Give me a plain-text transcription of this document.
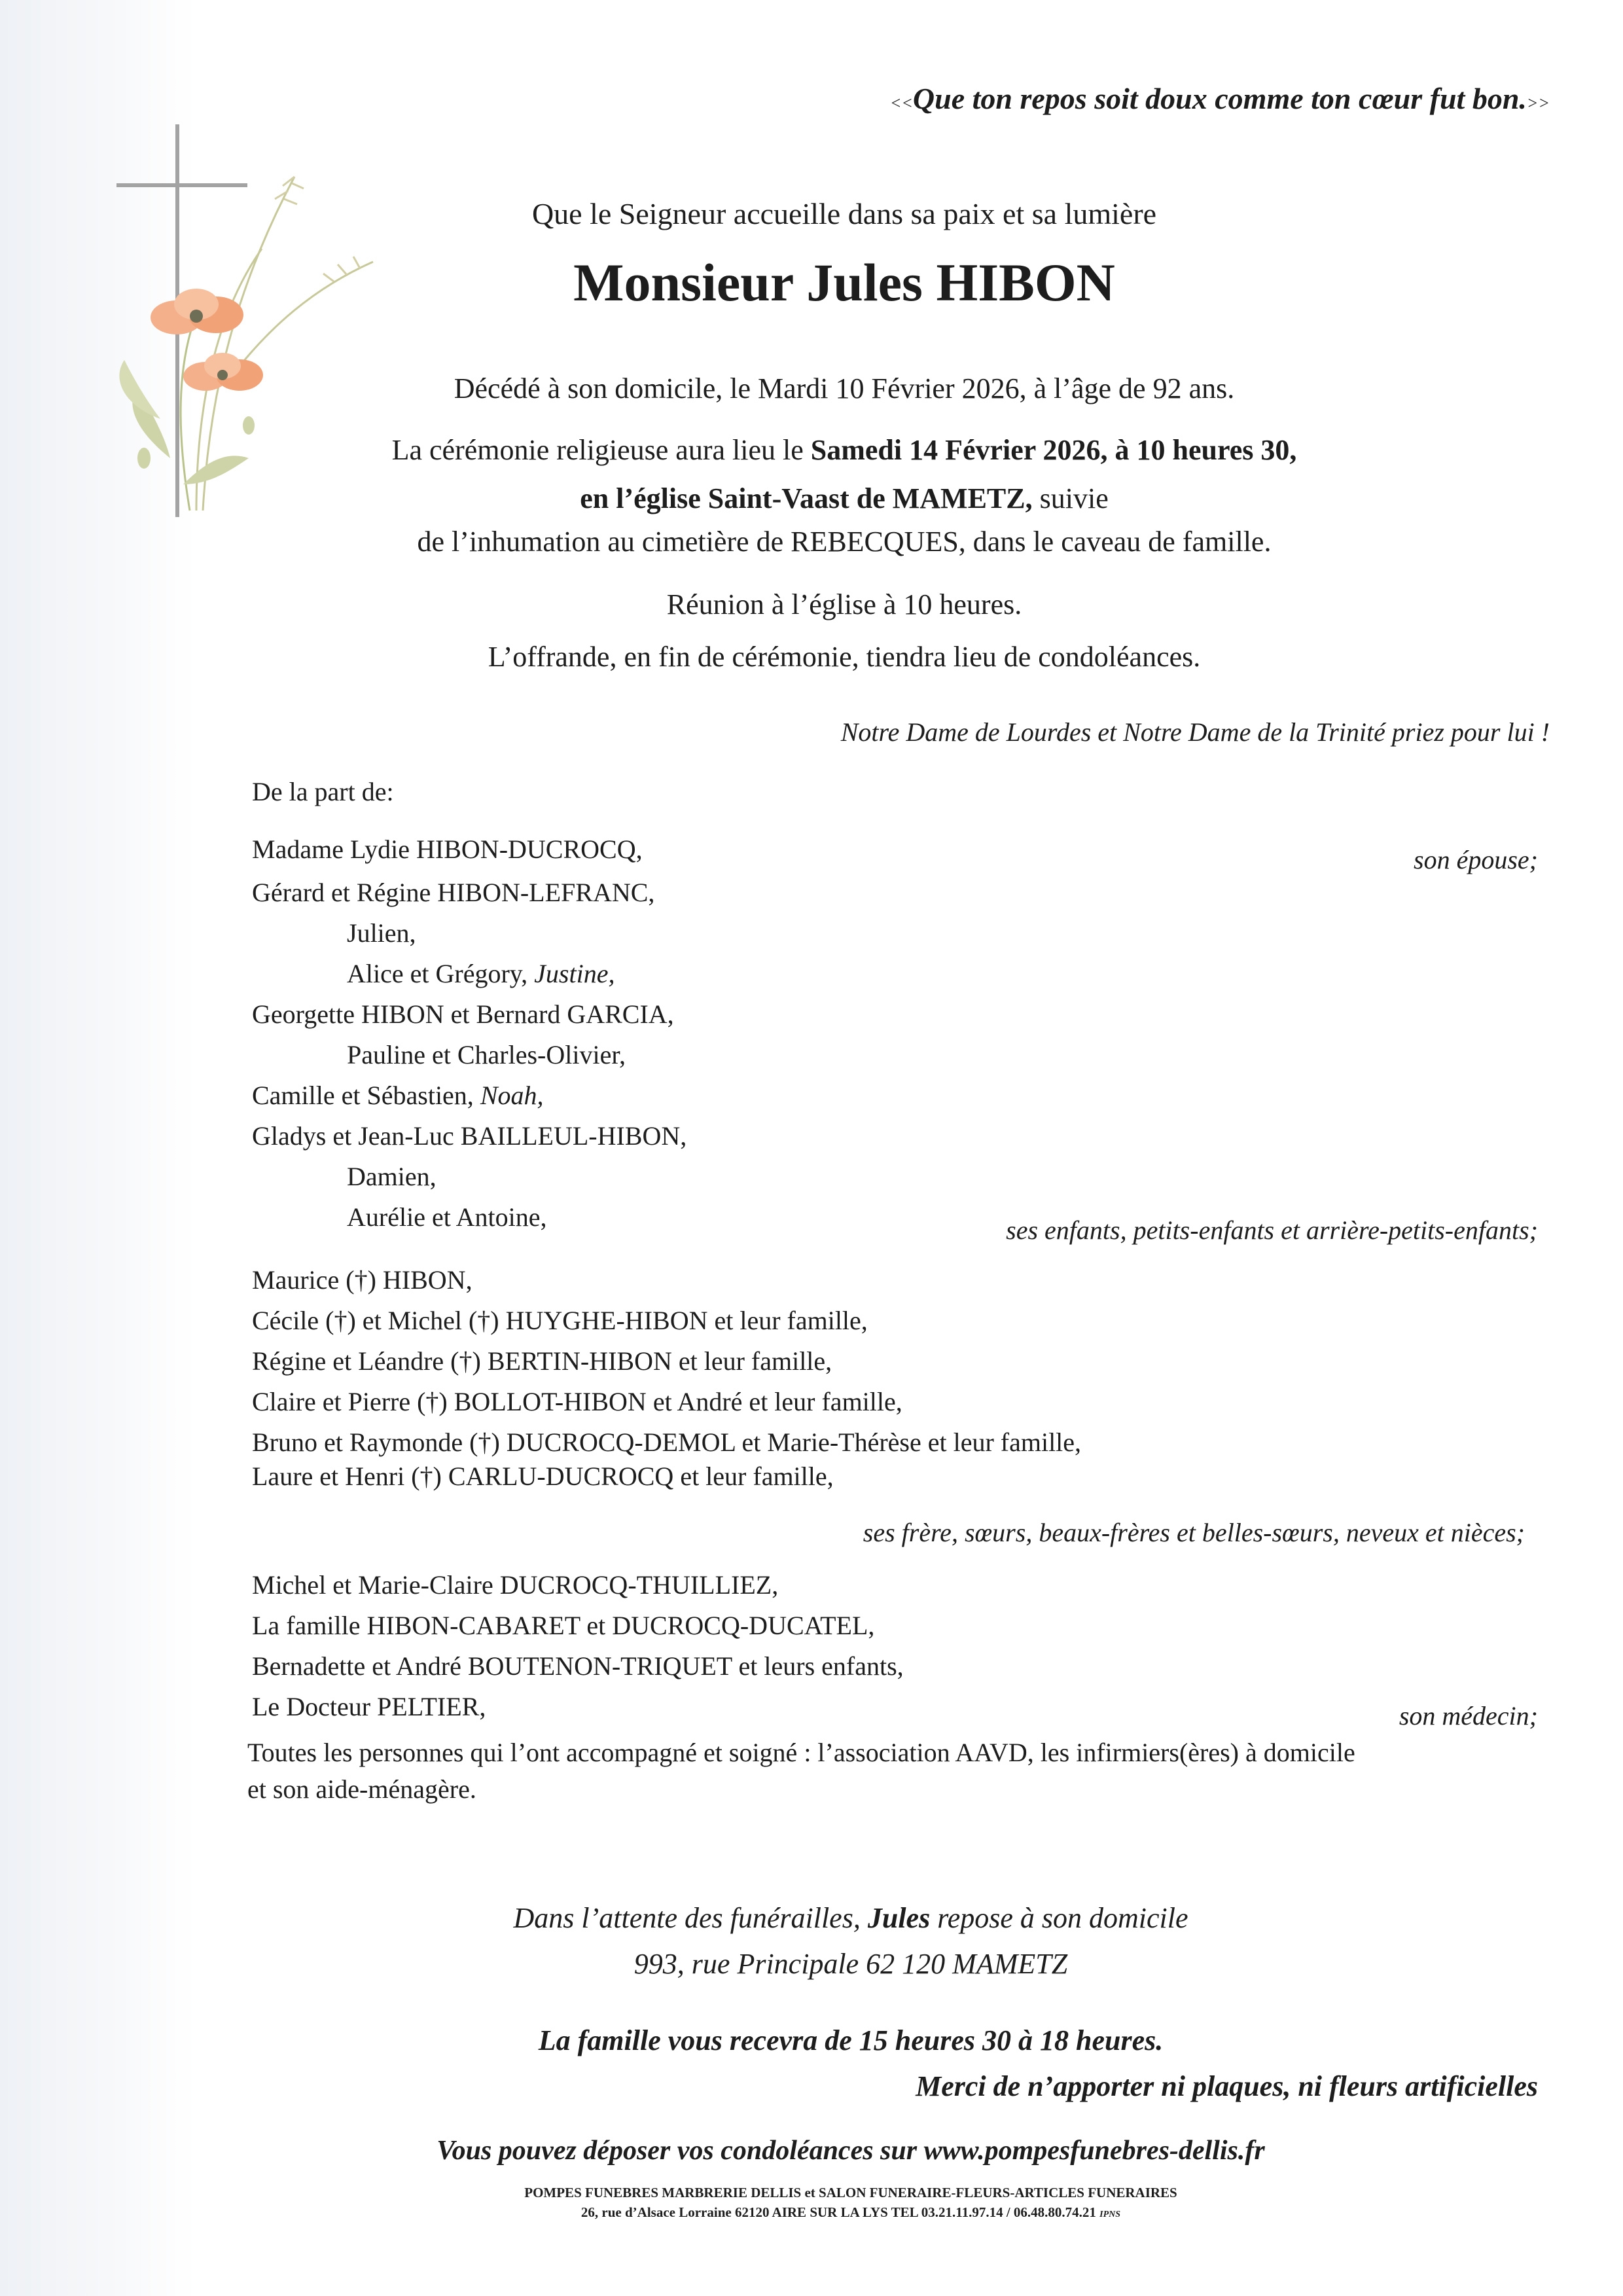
<<Que ton repos soit doux comme ton cœur fut bon.>>
Que le Seigneur accueille dans sa paix et sa lumière
Monsieur Jules HIBON
Décédé à son domicile, le Mardi 10 Février 2026, à l’âge de 92 ans.
La cérémonie religieuse aura lieu le Samedi 14 Février 2026, à 10 heures 30,
en l’église Saint-Vaast de MAMETZ, suivie
de l’inhumation au cimetière de REBECQUES, dans le caveau de famille.
Réunion à l’église à 10 heures.
L’offrande, en fin de cérémonie, tiendra lieu de condoléances.
Notre Dame de Lourdes et Notre Dame de la Trinité priez pour lui !
De la part de:
Madame Lydie HIBON-DUCROCQ,	son épouse;
Gérard et Régine HIBON-LEFRANC,
Julien,
Alice et Grégory, Justine,
Georgette HIBON et Bernard GARCIA,
Pauline et Charles-Olivier,
Camille et Sébastien, Noah,
Gladys et Jean-Luc BAILLEUL-HIBON,
Damien,
Aurélie et Antoine,	ses enfants, petits-enfants et arrière-petits-enfants;
Maurice (†) HIBON,
Cécile (†) et Michel (†) HUYGHE-HIBON et leur famille,
Régine et Léandre (†) BERTIN-HIBON et leur famille,
Claire et Pierre (†) BOLLOT-HIBON et André et leur famille,
Bruno et Raymonde (†) DUCROCQ-DEMOL et Marie-Thérèse et leur famille,
Laure et Henri (†) CARLU-DUCROCQ et leur famille,
ses frère, sœurs, beaux-frères et belles-sœurs, neveux et nièces;
Michel et Marie-Claire DUCROCQ-THUILLIEZ,
La famille HIBON-CABARET et DUCROCQ-DUCATEL,
Bernadette et André BOUTENON-TRIQUET et leurs enfants,
Le Docteur PELTIER,	son médecin;
Toutes les personnes qui l’ont accompagné et soigné : l’association AAVD, les infirmiers(ères) à domicile
et son aide-ménagère.
Dans l’attente des funérailles, Jules repose à son domicile
993, rue Principale 62 120 MAMETZ
La famille vous recevra de 15 heures 30 à 18 heures.
Merci de n’apporter ni plaques, ni fleurs artificielles
Vous pouvez déposer vos condoléances sur www.pompesfunebres-dellis.fr
POMPES FUNEBRES MARBRERIE DELLIS et SALON FUNERAIRE-FLEURS-ARTICLES FUNERAIRES
26, rue d’Alsace Lorraine 62120 AIRE SUR LA LYS TEL 03.21.11.97.14 / 06.48.80.74.21 IPNS
